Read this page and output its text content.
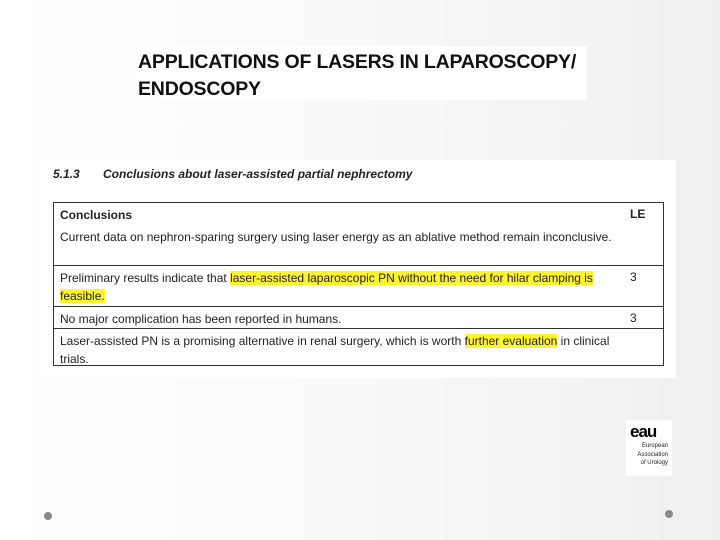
APPLICATIONS OF LASERS IN LAPAROSCOPY/
ENDOSCOPY
5.1.3 Conclusions about laser-assisted partial nephrectomy
Conclusions	LE
Current data on nephron-sparing surgery using laser energy as an ablative method remain inconclusive.
Preliminary results indicate that laser-assisted laparoscopic PN without the need for hilar clamping is feasible.
3
No major complication has been reported in humans.	3
Laser-assisted PN is a promising alternative in renal surgery, which is worth further evaluation in clinical trials.
eau
European
Association
of Urology
